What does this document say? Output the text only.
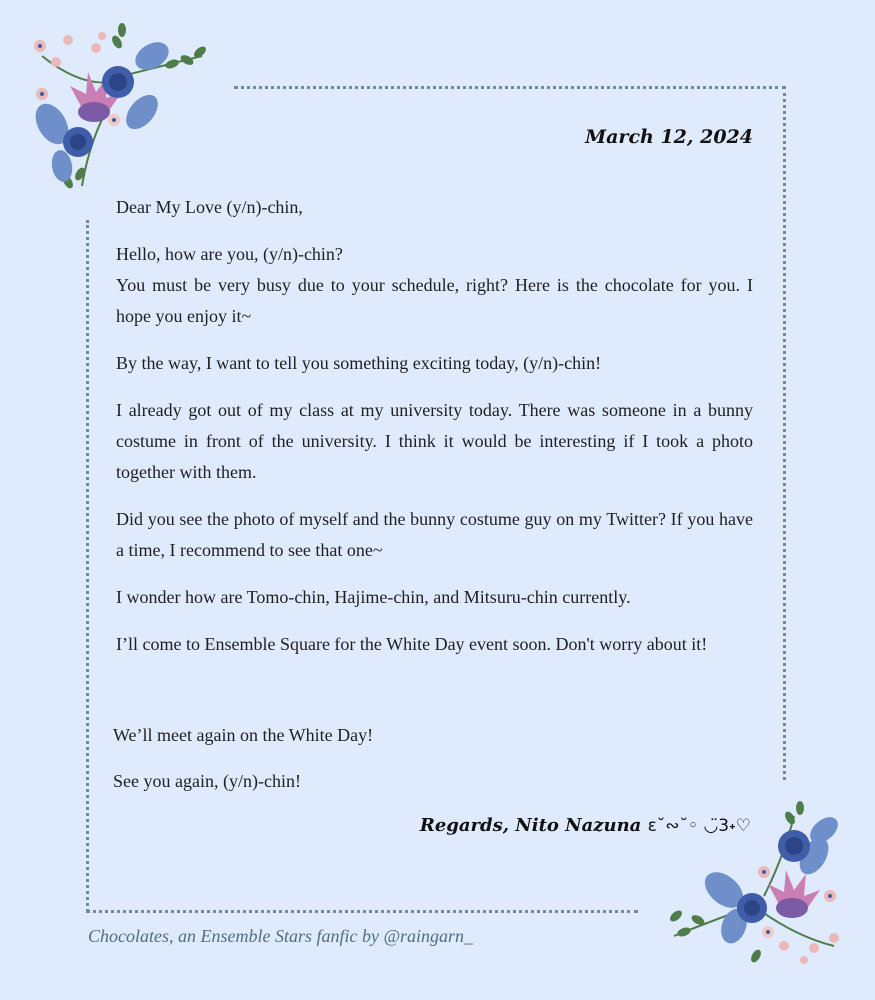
March 12, 2024

Dear My Love (y/n)-chin,

Hello, how are you, (y/n)-chin?
You must be very busy due to your schedule, right? Here is the chocolate for you. I hope you enjoy it~

By the way, I want to tell you something exciting today, (y/n)-chin!

I already got out of my class at my university today. There was someone in a bunny costume in front of the university. I think it would be interesting if I took a photo together with them.

Did you see the photo of myself and the bunny costume guy on my Twitter? If you have a time, I recommend to see that one~

I wonder how are Tomo-chin, Hajime-chin, and Mitsuru-chin currently.

I’ll come to Ensemble Square for the White Day event soon. Don't worry about it!

We’ll meet again on the White Day!
See you again, (y/n)-chin!
Regards, Nito Nazuna ε˘∾˘◦ ◡̈3˖♡
Chocolates, an Ensemble Stars fanfic by @raingarn_
